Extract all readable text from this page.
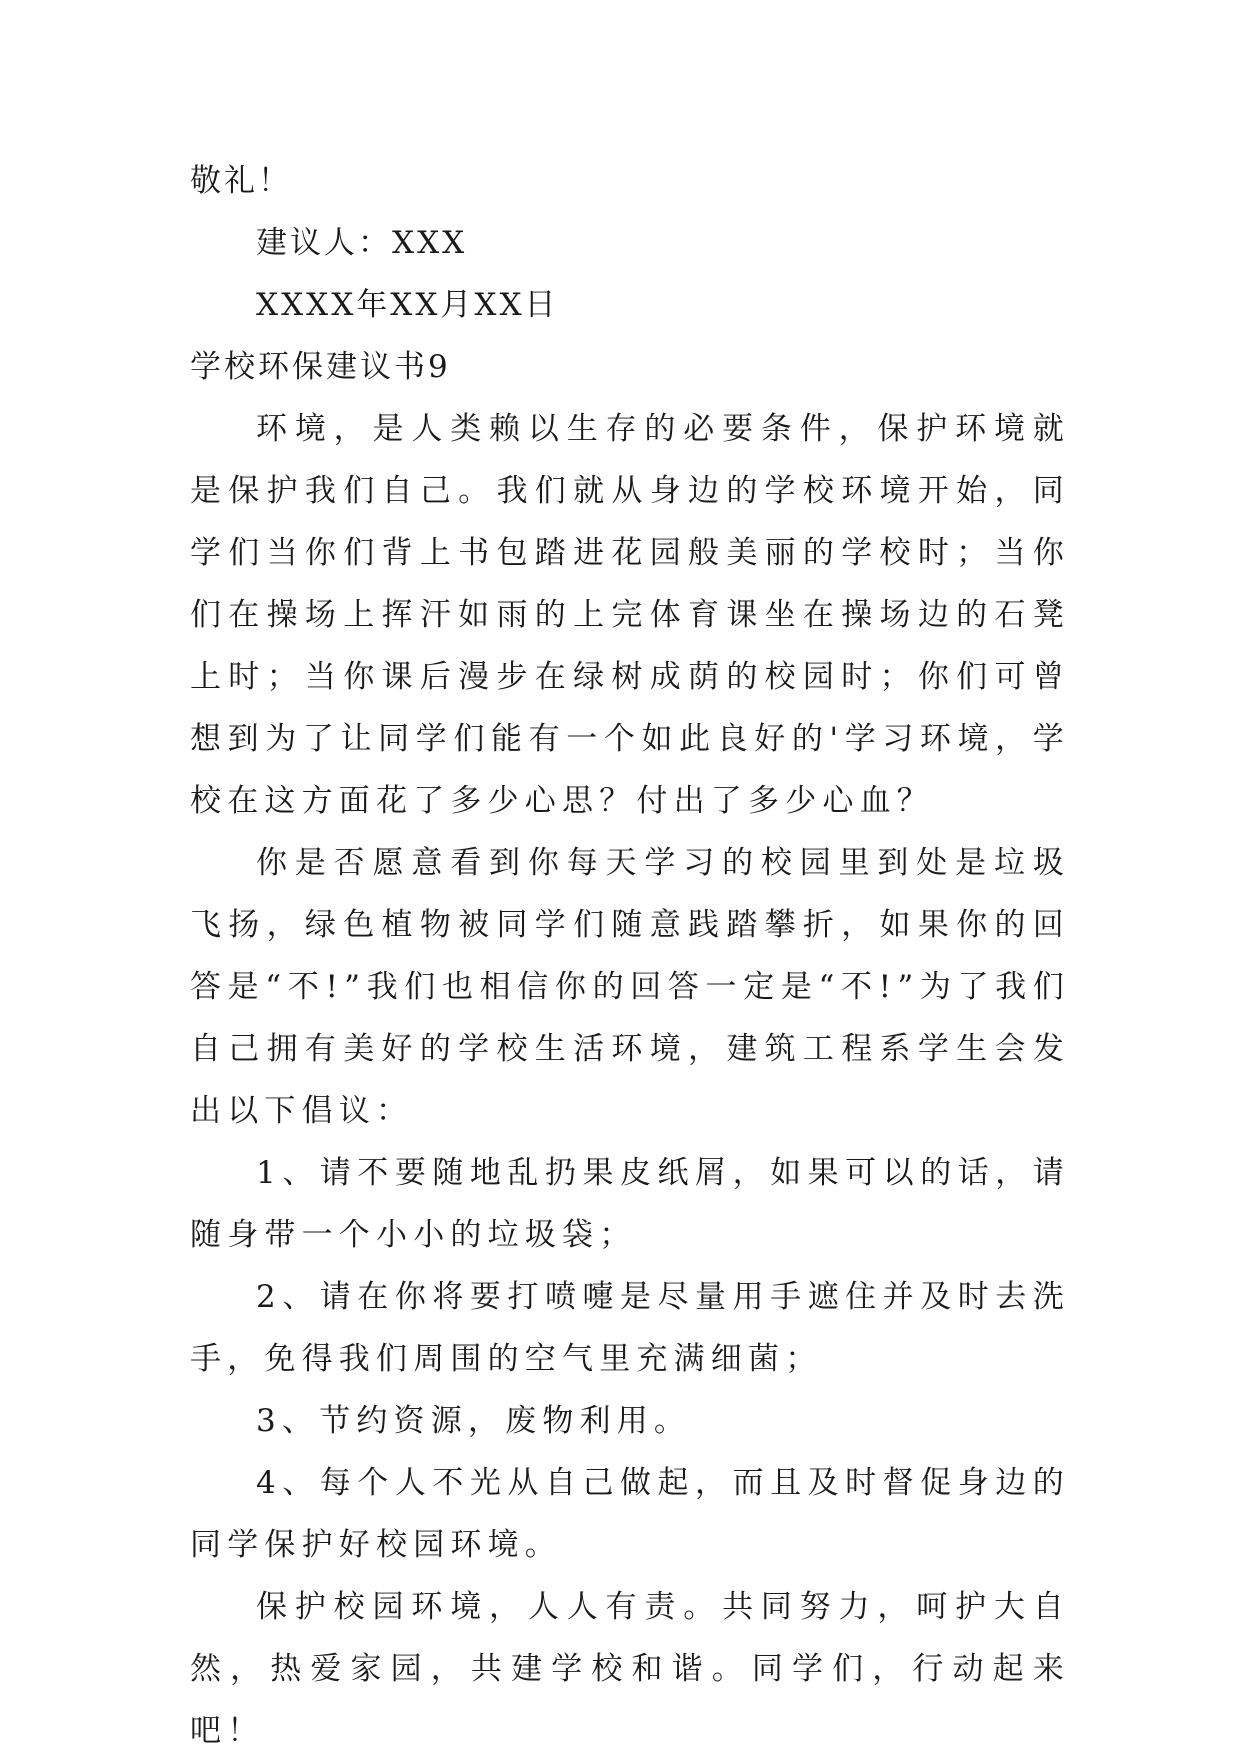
敬礼！
建议人：XXX
XXXX年XX月XX日
学校环保建议书9

环境，是人类赖以生存的必要条件，保护环境就是保护我们自己。我们就从身边的学校环境开始，同学们当你们背上书包踏进花园般美丽的学校时；当你们在操场上挥汗如雨的上完体育课坐在操场边的石凳上时；当你课后漫步在绿树成荫的校园时；你们可曾想到为了让同学们能有一个如此良好的'学习环境，学校在这方面花了多少心思？付出了多少心血？

你是否愿意看到你每天学习的校园里到处是垃圾飞扬，绿色植物被同学们随意践踏攀折，如果你的回答是“不!”我们也相信你的回答一定是“不!”为了我们自己拥有美好的学校生活环境，建筑工程系学生会发出以下倡议：

1、请不要随地乱扔果皮纸屑，如果可以的话，请随身带一个小小的垃圾袋；

2、请在你将要打喷嚏是尽量用手遮住并及时去洗手，免得我们周围的空气里充满细菌；

3、节约资源，废物利用。

4、每个人不光从自己做起，而且及时督促身边的同学保护好校园环境。

保护校园环境，人人有责。共同努力，呵护大自然，热爱家园，共建学校和谐。同学们，行动起来吧！
